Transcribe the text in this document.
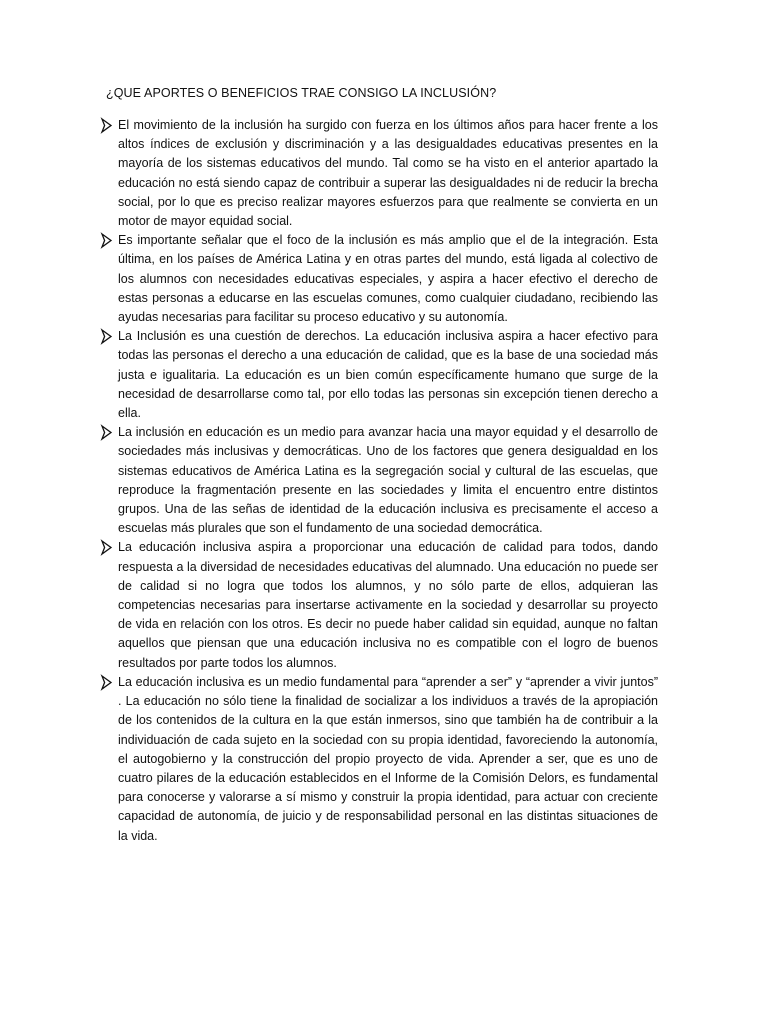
¿QUE APORTES O BENEFICIOS TRAE CONSIGO LA INCLUSIÓN?
El movimiento de la inclusión ha surgido con fuerza en los últimos años para hacer frente a los altos índices de exclusión y discriminación y a las desigualdades educativas presentes en la mayoría de los sistemas educativos del mundo. Tal como se ha visto en el anterior apartado la educación no está siendo capaz de contribuir a superar las desigualdades ni de reducir la brecha social, por lo que es preciso realizar mayores esfuerzos para que realmente se convierta en un motor de mayor equidad social.
Es importante señalar que el foco de la inclusión es más amplio que el de la integración. Esta última, en los países de América Latina y en otras partes del mundo, está ligada al colectivo de los alumnos con necesidades educativas especiales, y aspira a hacer efectivo el derecho de estas personas a educarse en las escuelas comunes, como cualquier ciudadano, recibiendo las ayudas necesarias para facilitar su proceso educativo y su autonomía.
La Inclusión es una cuestión de derechos. La educación inclusiva aspira a hacer efectivo para todas las personas el derecho a una educación de calidad, que es la base de una sociedad más justa e igualitaria. La educación es un bien común específicamente humano que surge de la necesidad de desarrollarse como tal, por ello todas las personas sin excepción tienen derecho a ella.
La inclusión en educación es un medio para avanzar hacia una mayor equidad y el desarrollo de sociedades más inclusivas y democráticas. Uno de los factores que genera desigualdad en los sistemas educativos de América Latina es la segregación social y cultural de las escuelas, que reproduce la fragmentación presente en las sociedades y limita el encuentro entre distintos grupos. Una de las señas de identidad de la educación inclusiva es precisamente el acceso a escuelas más plurales que son el fundamento de una sociedad democrática.
La educación inclusiva aspira a proporcionar una educación de calidad para todos, dando respuesta a la diversidad de necesidades educativas del alumnado. Una educación no puede ser de calidad si no logra que todos los alumnos, y no sólo parte de ellos, adquieran las competencias necesarias para insertarse activamente en la sociedad y desarrollar su proyecto de vida en relación con los otros. Es decir no puede haber calidad sin equidad, aunque no faltan aquellos que piensan que una educación inclusiva no es compatible con el logro de buenos resultados por parte todos los alumnos.
La educación inclusiva es un medio fundamental para “aprender a ser” y “aprender a vivir juntos” . La educación no sólo tiene la finalidad de socializar a los individuos a través de la apropiación de los contenidos de la cultura en la que están inmersos, sino que también ha de contribuir a la individuación de cada sujeto en la sociedad con su propia identidad, favoreciendo la autonomía, el autogobierno y la construcción del propio proyecto de vida. Aprender a ser, que es uno de cuatro pilares de la educación establecidos en el Informe de la Comisión Delors, es fundamental para conocerse y valorarse a sí mismo y construir la propia identidad, para actuar con creciente capacidad de autonomía, de juicio y de responsabilidad personal en las distintas situaciones de la vida.
